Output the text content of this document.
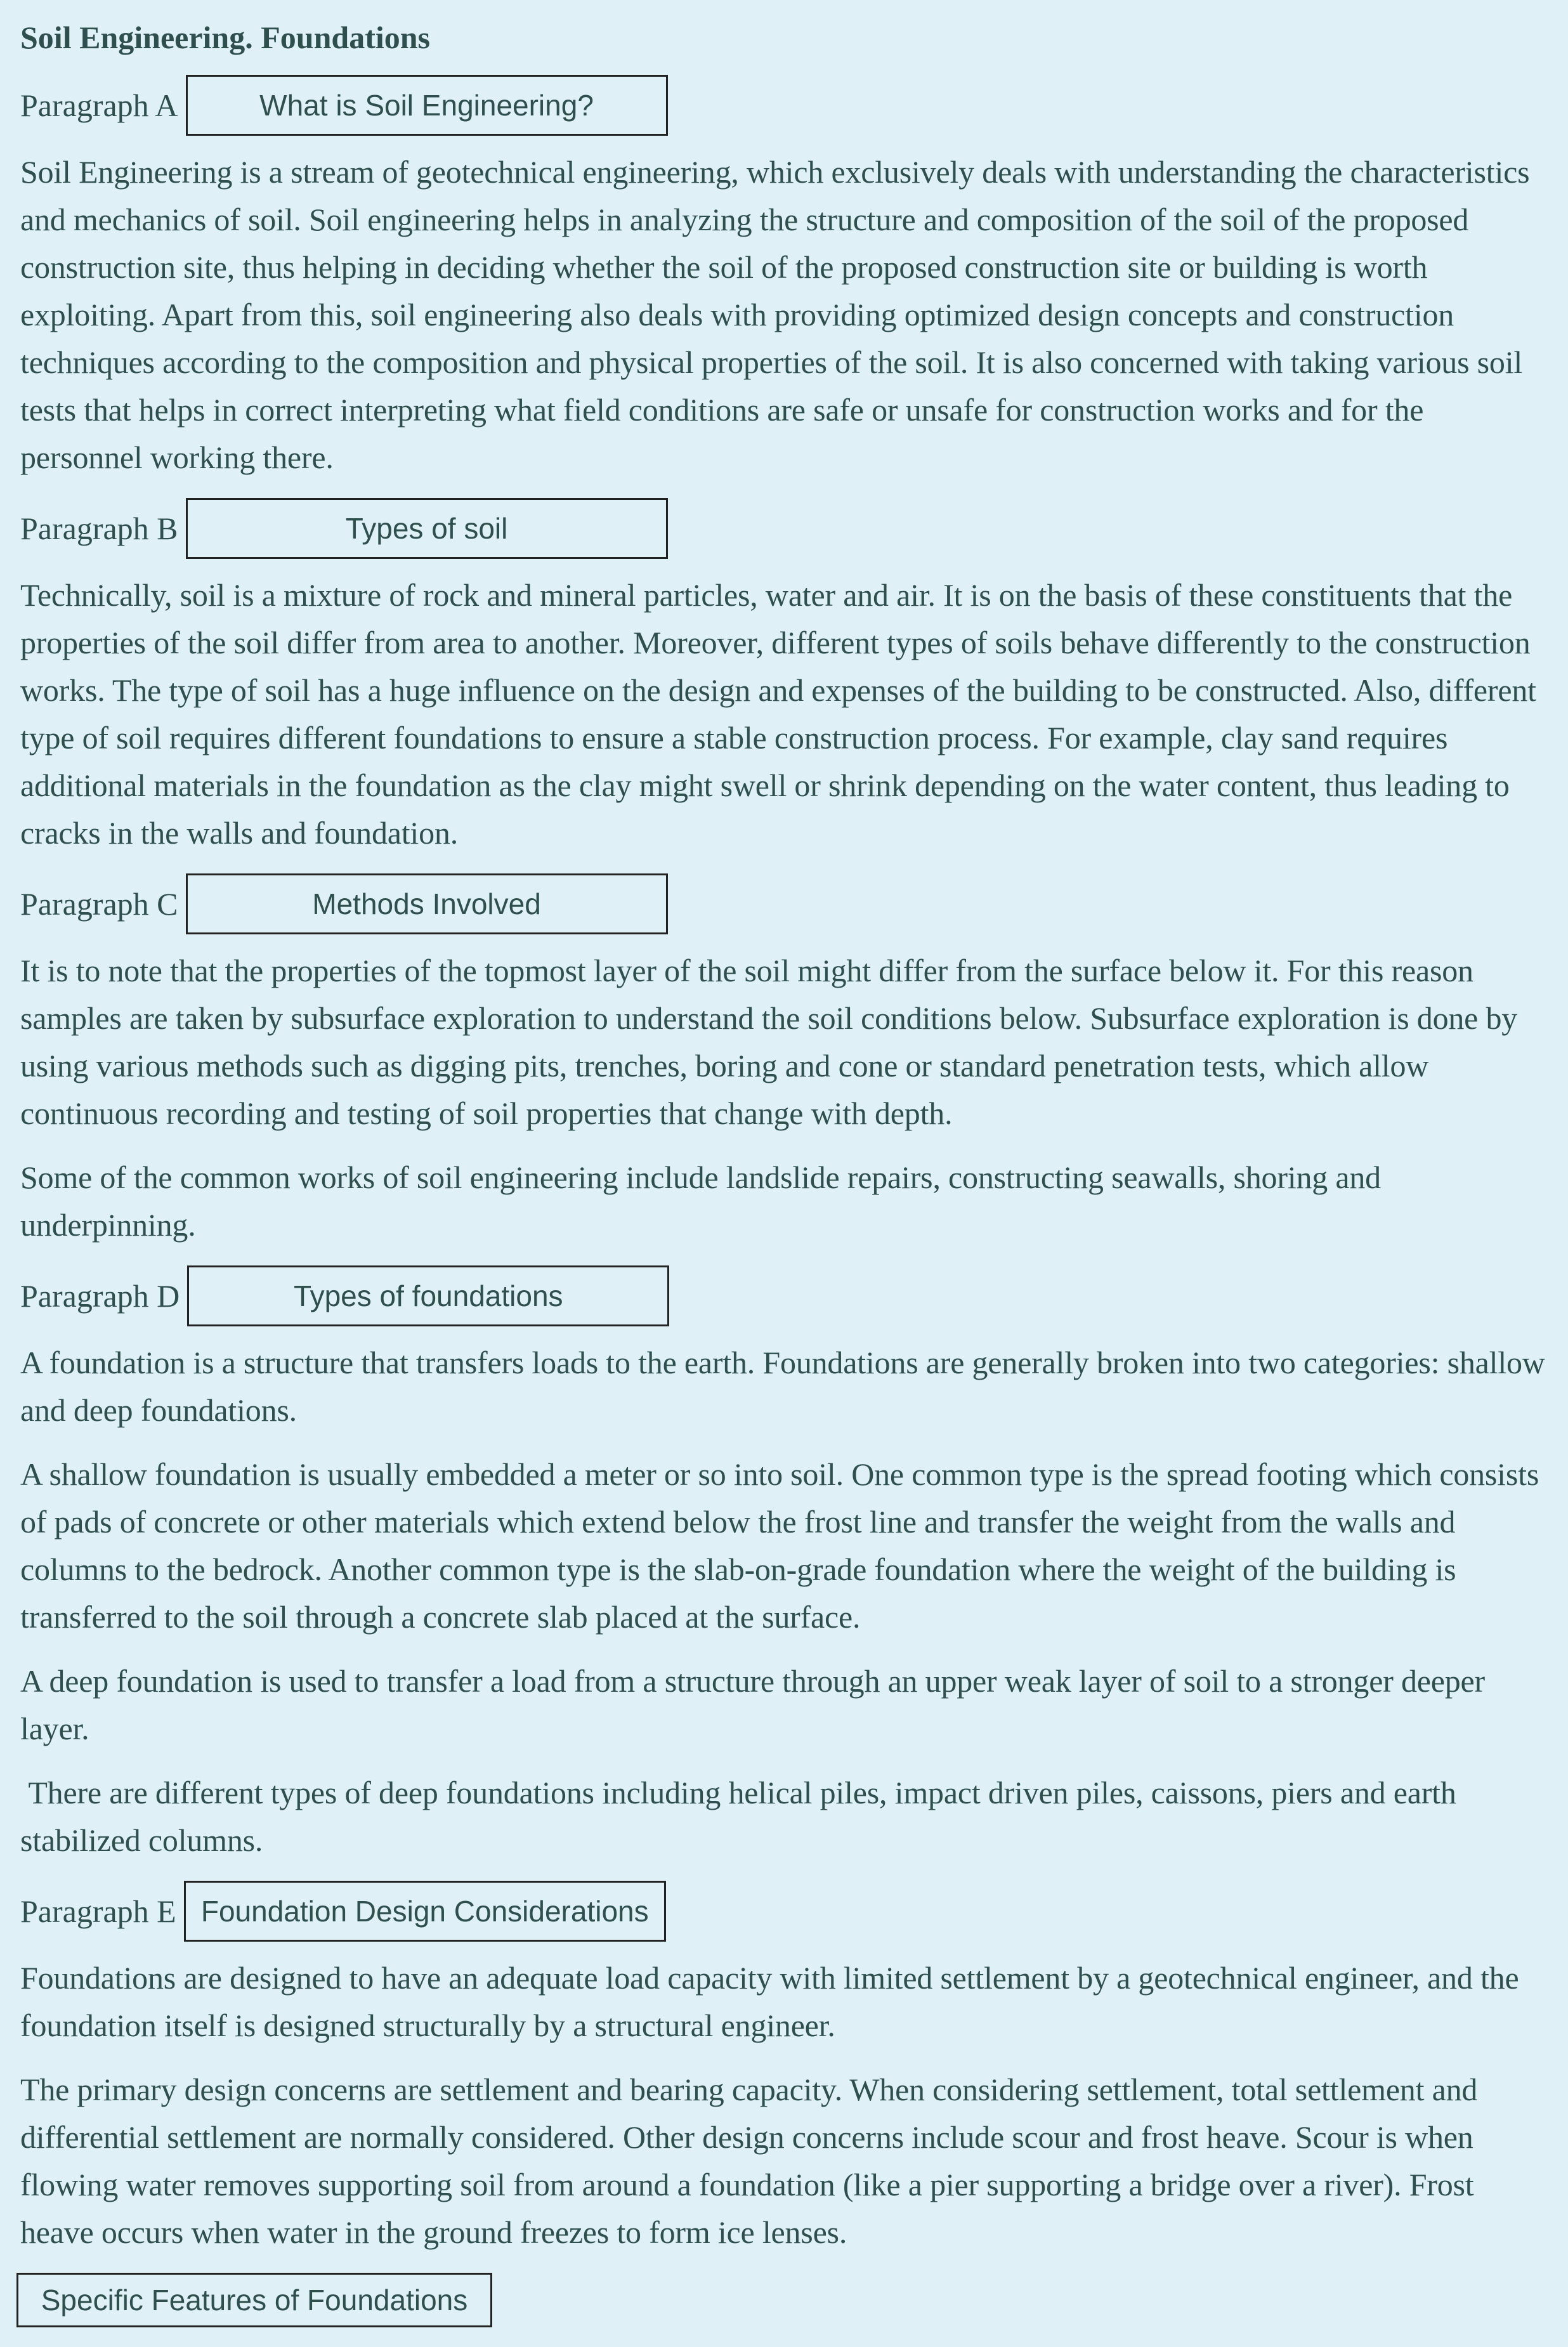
Soil Engineering. Foundations
Paragraph A	What is Soil Engineering?

Soil Engineering is a stream of geotechnical engineering, which exclusively deals with understanding the characteristics and mechanics of soil. Soil engineering helps in analyzing the structure and composition of the soil of the proposed construction site, thus helping in deciding whether the soil of the proposed construction site or building is worth exploiting. Apart from this, soil engineering also deals with providing optimized design concepts and construction techniques according to the composition and physical properties of the soil. It is also concerned with taking various soil tests that helps in correct interpreting what field conditions are safe or unsafe for construction works and for the personnel working there.

Paragraph B	Types of soil

Technically, soil is a mixture of rock and mineral particles, water and air. It is on the basis of these constituents that the properties of the soil differ from area to another. Moreover, different types of soils behave differently to the construction works. The type of soil has a huge influence on the design and expenses of the building to be constructed. Also, different type of soil requires different foundations to ensure a stable construction process. For example, clay sand requires additional materials in the foundation as the clay might swell or shrink depending on the water content, thus leading to cracks in the walls and foundation.

Paragraph C	Methods Involved

It is to note that the properties of the topmost layer of the soil might differ from the surface below it. For this reason samples are taken by subsurface exploration to understand the soil conditions below. Subsurface exploration is done by using various methods such as digging pits, trenches, boring and cone or standard penetration tests, which allow continuous recording and testing of soil properties that change with depth.

Some of the common works of soil engineering include landslide repairs, constructing seawalls, shoring and underpinning.

Paragraph D	Types of foundations

A foundation is a structure that transfers loads to the earth. Foundations are generally broken into two categories: shallow and deep foundations.

A shallow foundation is usually embedded a meter or so into soil. One common type is the spread footing which consists of pads of concrete or other materials which extend below the frost line and transfer the weight from the walls and columns to the bedrock. Another common type is the slab-on-grade foundation where the weight of the building is transferred to the soil through a concrete slab placed at the surface.

A deep foundation is used to transfer a load from a structure through an upper weak layer of soil to a stronger deeper layer.

There are different types of deep foundations including helical piles, impact driven piles, caissons, piers and earth stabilized columns.

Paragraph E Foundation Design Considerations

Foundations are designed to have an adequate load capacity with limited settlement by a geotechnical engineer, and the foundation itself is designed structurally by a structural engineer.

The primary design concerns are settlement and bearing capacity. When considering settlement, total settlement and differential settlement are normally considered. Other design concerns include scour and frost heave. Scour is when flowing water removes supporting soil from around a foundation (like a pier supporting a bridge over a river). Frost heave occurs when water in the ground freezes to form ice lenses.

Specific Features of Foundations
